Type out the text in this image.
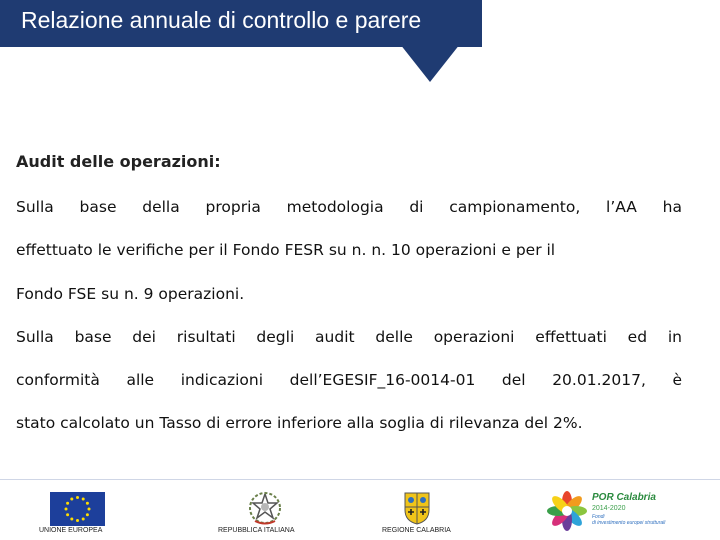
Relazione annuale di controllo e parere
Audit delle operazioni:
Sulla base della propria metodologia di campionamento, l’AA ha
effettuato le verifiche per il Fondo FESR su n. n. 10 operazioni e per il
Fondo FSE su n. 9 operazioni.
Sulla base dei risultati degli audit delle operazioni effettuati ed in
conformità alle indicazioni dell’EGESIF_16-0014-01 del 20.01.2017, è
stato calcolato un Tasso di errore inferiore alla soglia di rilevanza del 2%.
UNIONE EUROPEA	REPUBBLICA ITALIANA	REGIONE CALABRIA
POR Calabria
2014-2020
Fondi
di investimento europei strutturali
